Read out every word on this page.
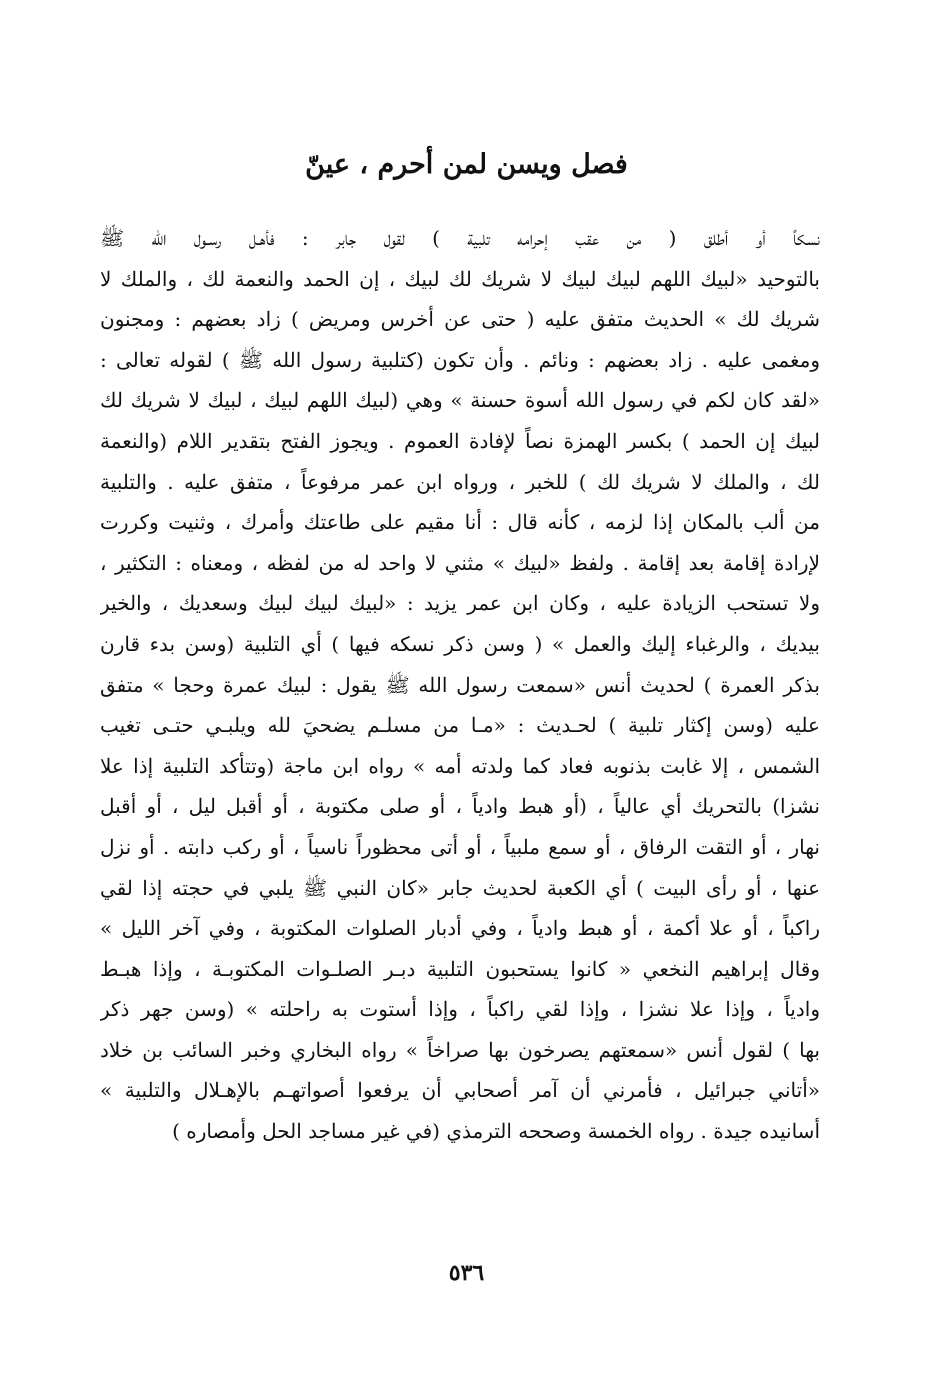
فصل ويسن لمن أحرم ، عينّ
نسكاً أو أطلق ( من عقب إحرامه تلبية ) لقول جابر : فأهـل رسـول الله ﷺ
بالتوحيد «لبيك اللهم لبيك لبيك لا شريك لك لبيك ، إن الحمد والنعمة لك ، والملك لا
شريك لك » الحديث متفق عليه ( حتى عن أخرس ومريض ) زاد بعضهم : ومجنون
ومغمى عليه . زاد بعضهم : ونائم . وأن تكون (كتلبية رسول الله ﷺ ) لقوله تعالى :
«لقد كان لكم في رسول الله أسوة حسنة » وهي (لبيك اللهم لبيك ، لبيك لا شريك لك
لبيك إن الحمد ) بكسر الهمزة نصاً لإفادة العموم . ويجوز الفتح بتقدير اللام (والنعمة
لك ، والملك لا شريك لك ) للخبر ، ورواه ابن عمر مرفوعاً ، متفق عليه . والتلبية
من ألب بالمكان إذا لزمه ، كأنه قال : أنا مقيم على طاعتك وأمرك ، وثنيت وكررت
لإرادة إقامة بعد إقامة . ولفظ «لبيك » مثني لا واحد له من لفظه ، ومعناه : التكثير ،
ولا تستحب الزيادة عليه ، وكان ابن عمر يزيد : «لبيك لبيك لبيك وسعديك ، والخير
بيديك ، والرغباء إليك والعمل » ( وسن ذكر نسكه فيها ) أي التلبية (وسن بدء قارن
بذكر العمرة ) لحديث أنس «سمعت رسول الله ﷺ يقول : لبيك عمرة وحجا » متفق
عليه (وسن إكثار تلبية ) لحـديث : «مـا من مسلـم يضحيَ لله ويلبـي حتـى تغيب
الشمس ، إلا غابت بذنوبه فعاد كما ولدته أمه » رواه ابن ماجة (وتتأكد التلبية إذا علا
نشزا) بالتحريك أي عالياً ، (أو هبط وادياً ، أو صلى مكتوبة ، أو أقبل ليل ، أو أقبل
نهار ، أو التقت الرفاق ، أو سمع ملبياً ، أو أتى محظوراً ناسياً ، أو ركب دابته . أو نزل
عنها ، أو رأى البيت ) أي الكعبة لحديث جابر «كان النبي ﷺ يلبي في حجته إذا لقي
راكباً ، أو علا أكمة ، أو هبط وادياً ، وفي أدبار الصلوات المكتوبة ، وفي آخر الليل »
وقال إبراهيم النخعي « كانوا يستحبون التلبية دبـر الصلـوات المكتوبـة ، وإذا هبـط
وادياً ، وإذا علا نشزا ، وإذا لقي راكباً ، وإذا أستوت به راحلته » (وسن جهر ذكر
بها ) لقول أنس «سمعتهم يصرخون بها صراخاً » رواه البخاري وخبر السائب بن خلاد
«أتاني جبرائيل ، فأمرني أن آمر أصحابي أن يرفعوا أصواتهـم بالإهـلال والتلبية »
أسانيده جيدة . رواه الخمسة وصححه الترمذي (في غير مساجد الحل وأمصاره )
٥٣٦
